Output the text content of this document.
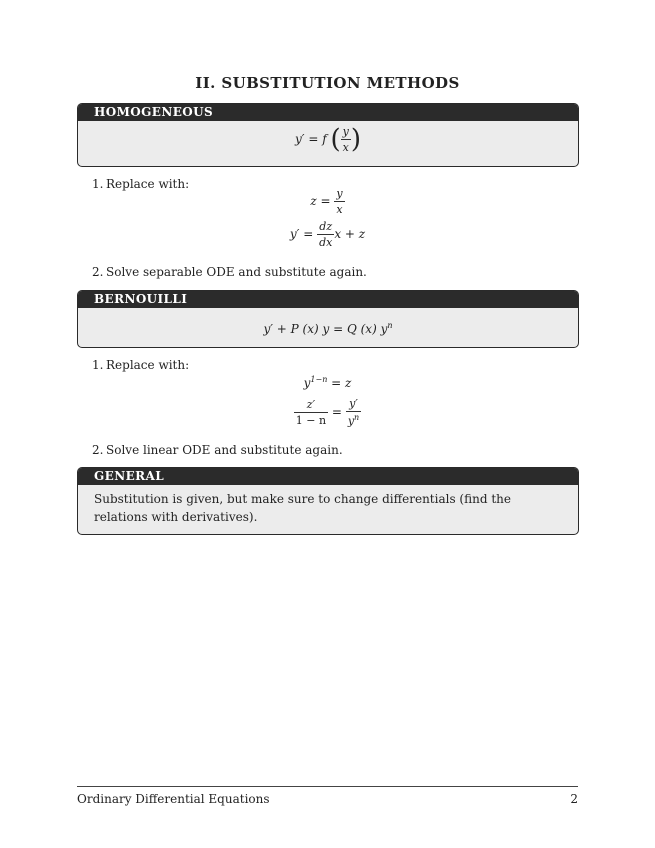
II. SUBSTITUTION METHODS
HOMOGENEOUS
y′ = f ( $\frac{y}{x}$ )
1. Replace with:
$z = \frac{y}{x}$
$y' = \frac{dz}{dx}$ x + z
2. Solve separable ODE and substitute again.
BERNOUILLI
y′ + P (x) y = Q (x) $y^n$
1. Replace with:
$y^{1-n} = z$
$\frac{z'}{1 - n} = \frac{y'}{y^n}$
2. Solve linear ODE and substitute again.
GENERAL
Substitution is given, but make sure to change differentials (find the relations with derivatives).
Ordinary Differential Equations	2
